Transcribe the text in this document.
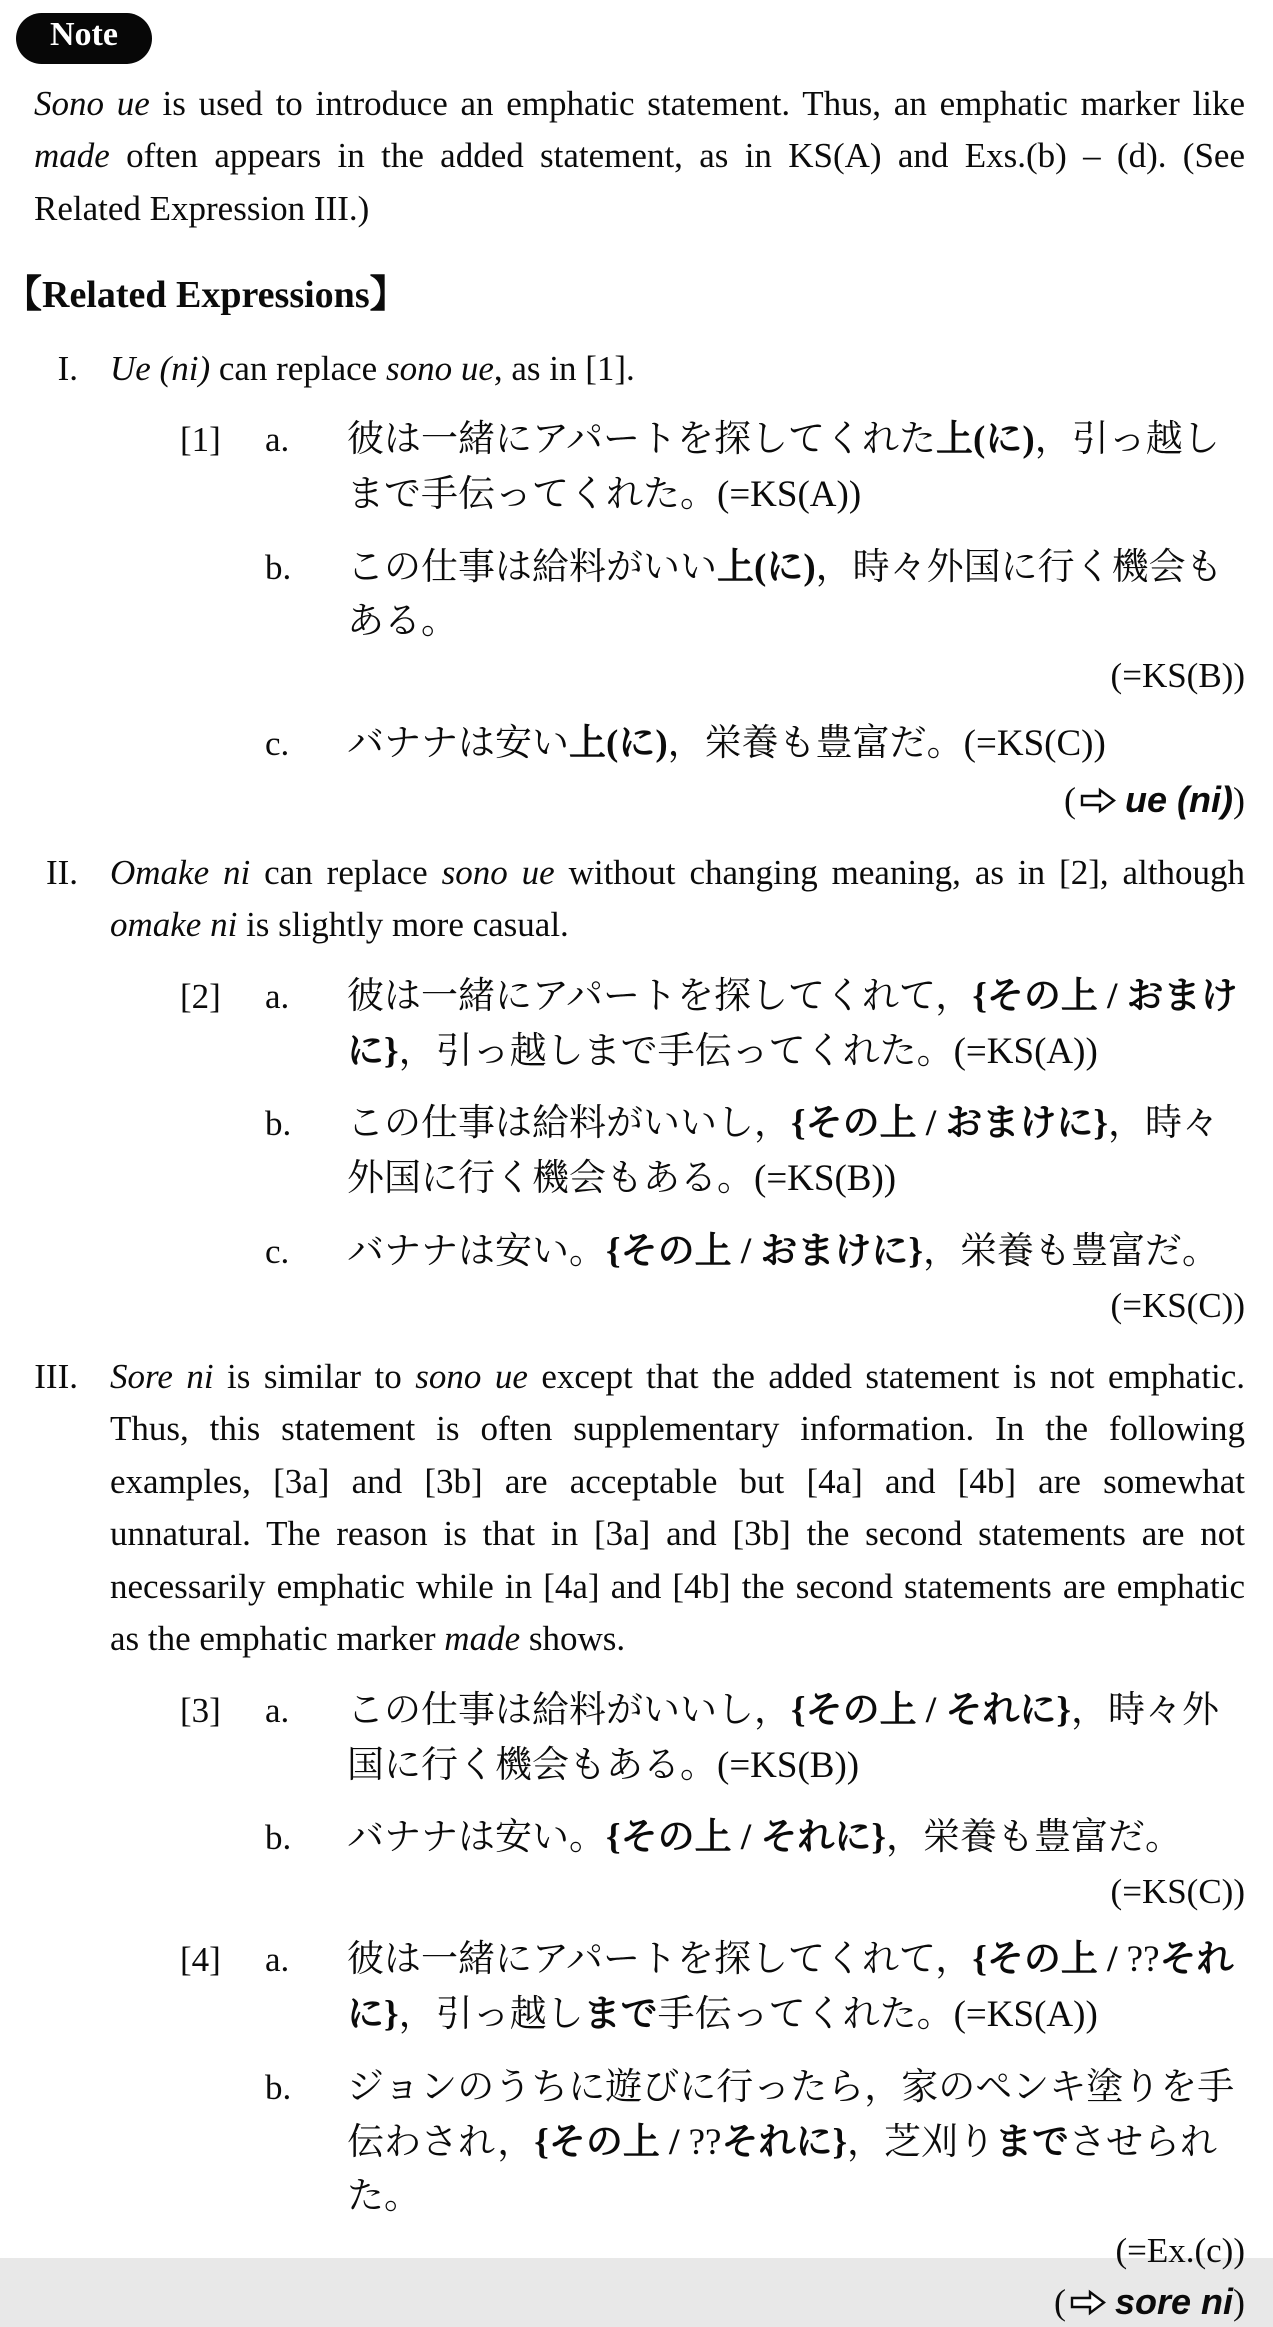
Note

Sono ue is used to introduce an emphatic statement. Thus, an emphatic marker like made often appears in the added statement, as in KS(A) and Exs.(b) – (d). (See Related Expression III.)

【Related Expressions】
I. Ue (ni) can replace sono ue, as in [1].
[1]	a.	彼は一緒にアパートを探してくれた上(に)，引っ越しまで手伝ってくれた。(=KS(A))
b.	この仕事は給料がいい上(に)，時々外国に行く機会もある。
(=KS(B))
c.	バナナは安い上(に)，栄養も豊富だ。(=KS(C))
( ue (ni))
II. Omake ni can replace sono ue without changing meaning, as in [2], although omake ni is slightly more casual.
[2]	a.	彼は一緒にアパートを探してくれて，{その上 / おまけに}，引っ越しまで手伝ってくれた。(=KS(A))
b.	この仕事は給料がいいし，{その上 / おまけに}，時々外国に行く機会もある。(=KS(B))
c.	バナナは安い。{その上 / おまけに}，栄養も豊富だ。
(=KS(C))
III. Sore ni is similar to sono ue except that the added statement is not emphatic. Thus, this statement is often supplementary information. In the following examples, [3a] and [3b] are acceptable but [4a] and [4b] are somewhat unnatural. The reason is that in [3a] and [3b] the second statements are not necessarily emphatic while in [4a] and [4b] the second statements are emphatic as the emphatic marker made shows.
[3]	a.	この仕事は給料がいいし，{その上 / それに}，時々外国に行く機会もある。(=KS(B))
b.	バナナは安い。{その上 / それに}，栄養も豊富だ。
(=KS(C))
[4]	a.	彼は一緒にアパートを探してくれて，{その上 / ??それに}，引っ越しまで手伝ってくれた。(=KS(A))
b.	ジョンのうちに遊びに行ったら，家のペンキ塗りを手伝わされ，{その上 / ??それに}，芝刈りまでさせられた。
(=Ex.(c))
( sore ni)
